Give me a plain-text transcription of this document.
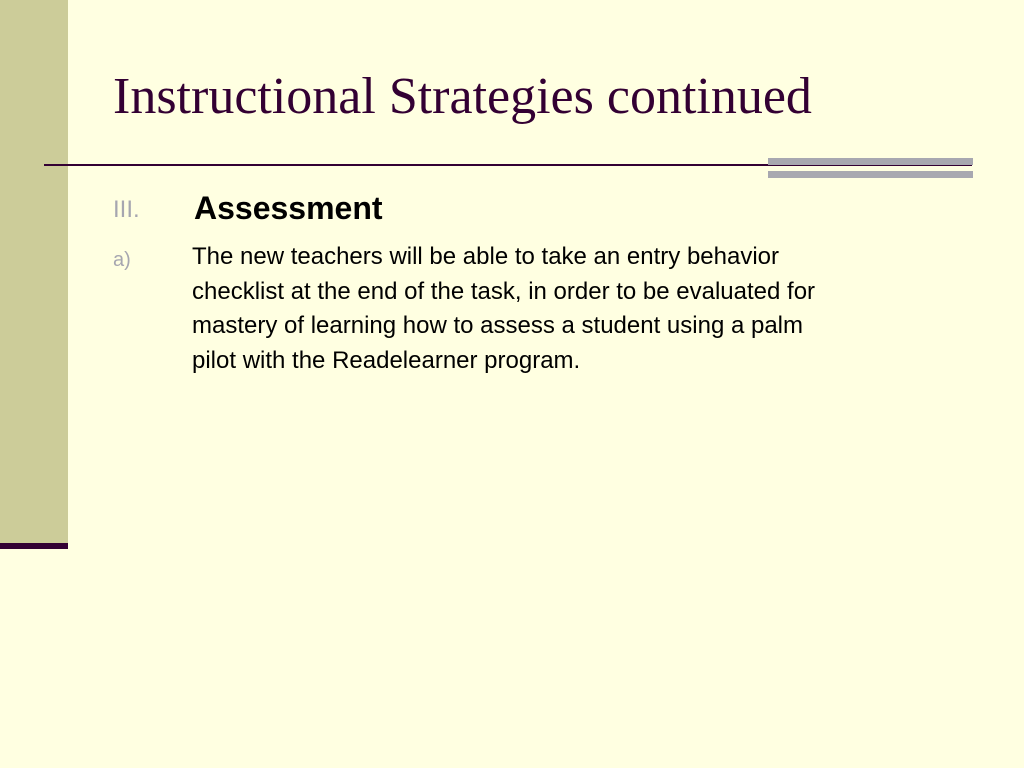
Instructional Strategies continued
III. Assessment
a)	The new teachers will be able to take an entry behavior
checklist at the end of the task, in order to be evaluated for
mastery of learning how to assess a student using a palm
pilot with the Readelearner program.
